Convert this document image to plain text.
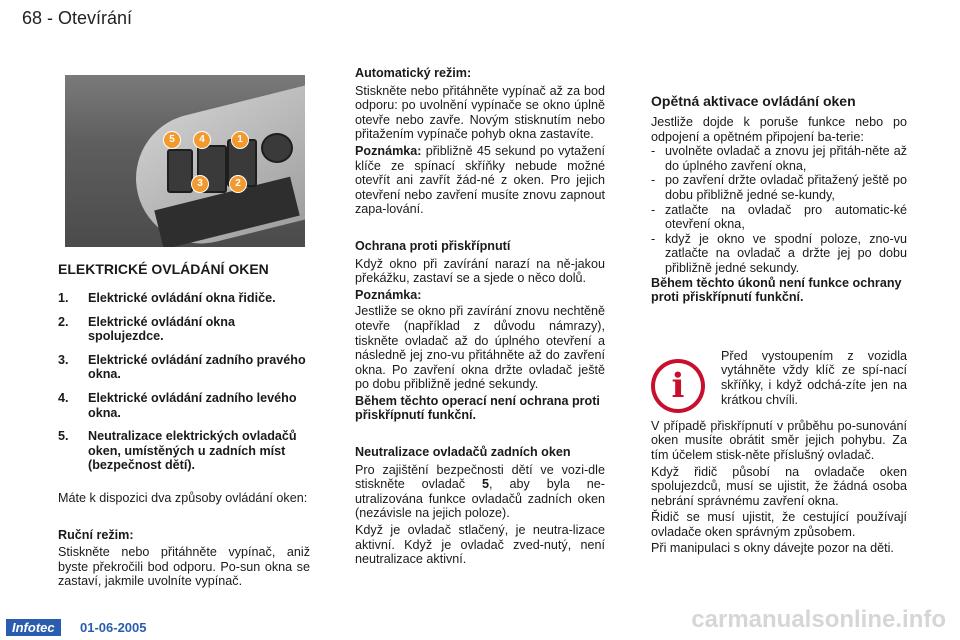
68 - Otevírání
5	4	1
3	2
ELEKTRICKÉ OVLÁDÁNÍ OKEN
1.	Elektrické ovládání okna řidiče.
2.	Elektrické ovládání okna spolujezdce.
3.	Elektrické ovládání zadního pravého okna.
4.	Elektrické ovládání zadního levého okna.
5.	Neutralizace elektrických ovladačů oken, umístěných u zadních míst (bezpečnost dětí).

Máte k dispozici dva způsoby ovládání oken:

Ruční režim:

Stiskněte nebo přitáhněte vypínač, aniž byste překročili bod odporu. Po-sun okna se zastaví, jakmile uvolníte vypínač.

Automatický režim:

Stiskněte nebo přitáhněte vypínač až za bod odporu: po uvolnění vypínače se okno úplně otevře nebo zavře. Novým stisknutím nebo přitažením vypínače pohyb okna zastavíte.

Poznámka: přibližně 45 sekund po vytažení klíče ze spínací skříňky nebude možné otevřít ani zavřít žád-né z oken. Pro jejich otevření nebo zavření musíte znovu zapnout zapa-lování.

Ochrana proti přiskřípnutí

Když okno při zavírání narazí na ně-jakou překážku, zastaví se a sjede o něco dolů.

Poznámka:

Jestliže se okno při zavírání znovu nechtěně otevře (například z důvodu námrazy), tiskněte ovladač až do úplného otevření a následně jej zno-vu přitáhněte až do zavření okna. Po zavření okna držte ovladač ještě po dobu přibližně jedné sekundy.

Během těchto operací není ochrana proti přiskřípnutí funkční.

Neutralizace ovladačů zadních oken

Pro zajištění bezpečnosti dětí ve vozi-dle stiskněte ovladač 5, aby byla ne-utralizována funkce ovladačů zadních oken (nezávisle na jejich poloze).

Když je ovladač stlačený, je neutra-lizace aktivní. Když je ovladač zved-nutý, není neutralizace aktivní.

Opětná aktivace ovládání oken

Jestliže dojde k poruše funkce nebo po odpojení a opětném připojení ba-terie:

- uvolněte ovladač a znovu jej přitáh-něte až do úplného zavření okna,
- po zavření držte ovladač přitažený ještě po dobu přibližně jedné se-kundy,
- zatlačte na ovladač pro automatic-ké otevření okna,
- když je okno ve spodní poloze, zno-vu zatlačte na ovladač a držte jej po dobu přibližně jedné sekundy.

Během těchto úkonů není funkce ochrany proti přiskřípnutí funkční.

i

Před vystoupením z vozidla vytáhněte vždy klíč ze spí-nací skříňky, i když odchá-zíte jen na krátkou chvíli.

V případě přiskřípnutí v průběhu po-sunování oken musíte obrátit směr jejich pohybu. Za tím účelem stisk-něte příslušný ovladač.

Když řidič působí na ovladače oken spolujezdců, musí se ujistit, že žádná osoba nebrání správnému zavření okna.

Řidič se musí ujistit, že cestující používají ovladače oken správným způsobem.

Při manipulaci s okny dávejte pozor na děti.

Infotec	01-06-2005	carmanualsonline.info
